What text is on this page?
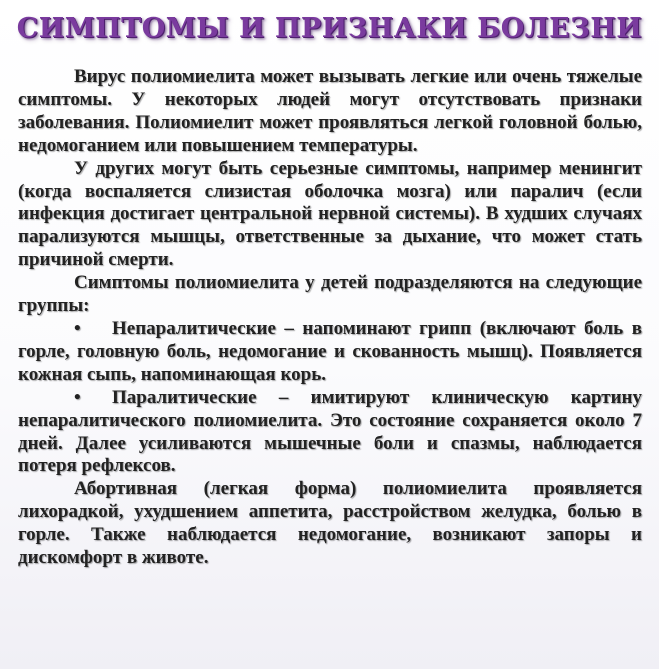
СИМПТОМЫ И ПРИЗНАКИ БОЛЕЗНИ

Вирус полиомиелита может вызывать легкие или очень тяжелые симптомы. У некоторых людей могут отсутствовать признаки заболевания. Полиомиелит может проявляться легкой головной болью, недомоганием или повышением температуры.

У других могут быть серьезные симптомы, например менингит (когда воспаляется слизистая оболочка мозга) или паралич (если инфекция достигает центральной нервной системы). В худших случаях парализуются мышцы, ответственные за дыхание, что может стать причиной смерти.

Симптомы полиомиелита у детей подразделяются на следующие группы:

• Непаралитические – напоминают грипп (включают боль в горле, головную боль, недомогание и скованность мышц). Появляется кожная сыпь, напоминающая корь.

• Паралитические – имитируют клиническую картину непаралитического полиомиелита. Это состояние сохраняется около 7 дней. Далее усиливаются мышечные боли и спазмы, наблюдается потеря рефлексов.

Абортивная (легкая форма) полиомиелита проявляется лихорадкой, ухудшением аппетита, расстройством желудка, болью в горле. Также наблюдается недомогание, возникают запоры и дискомфорт в животе.
